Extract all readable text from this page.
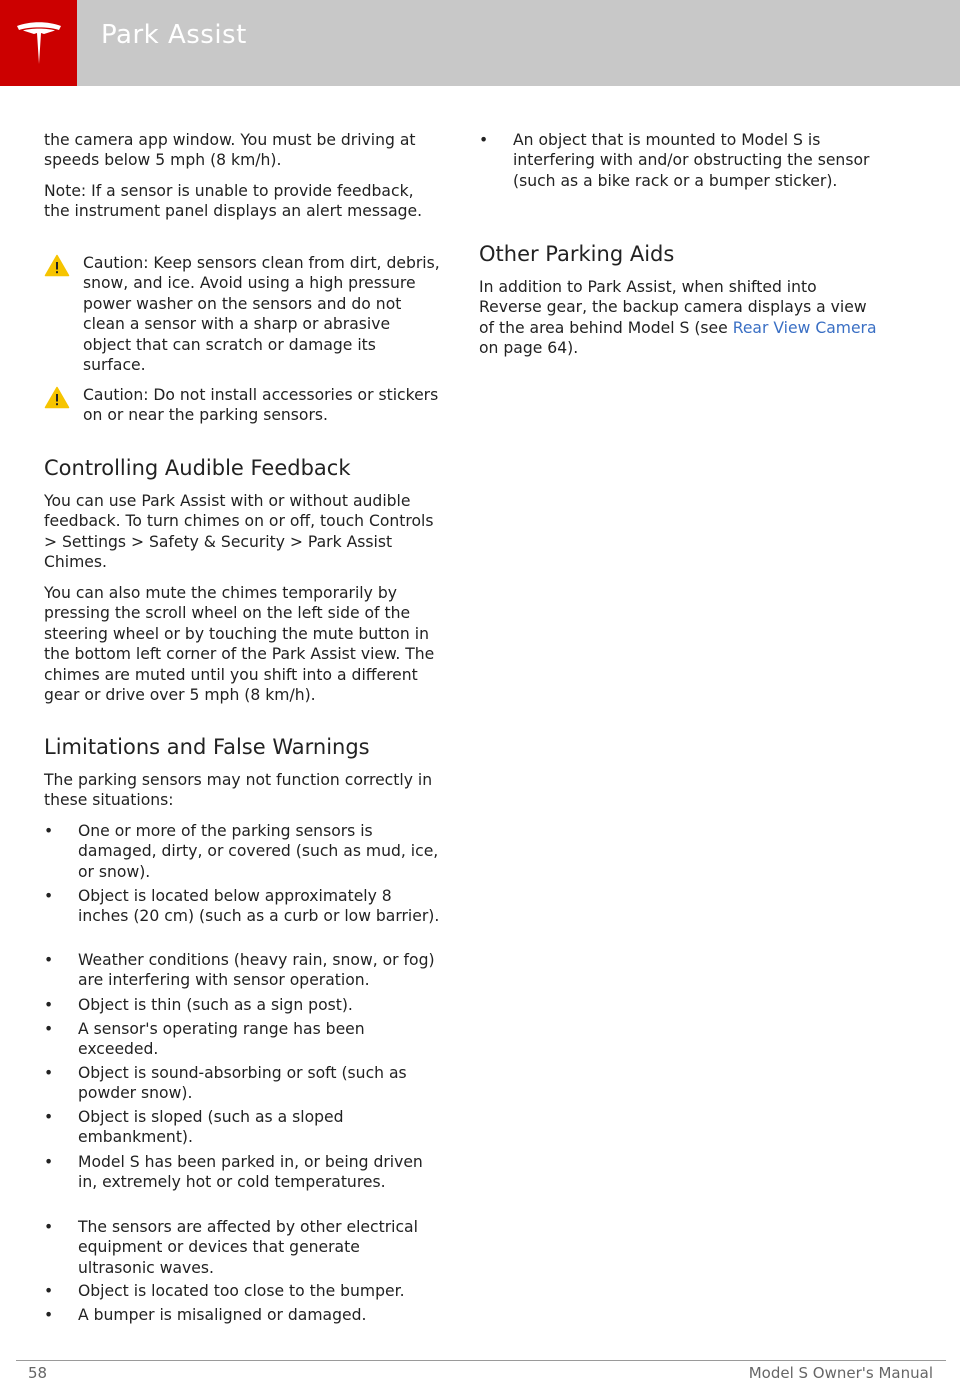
Park Assist

the camera app window. You must be driving at speeds below 5 mph (8 km/h).

Note: If a sensor is unable to provide feedback, the instrument panel displays an alert message.

Caution: Keep sensors clean from dirt, debris, snow, and ice. Avoid using a high pressure power washer on the sensors and do not clean a sensor with a sharp or abrasive object that can scratch or damage its surface.
Caution: Do not install accessories or stickers on or near the parking sensors.
Controlling Audible Feedback

You can use Park Assist with or without audible feedback. To turn chimes on or off, touch Controls > Settings > Safety & Security > Park Assist Chimes.

You can also mute the chimes temporarily by pressing the scroll wheel on the left side of the steering wheel or by touching the mute button in the bottom left corner of the Park Assist view. The chimes are muted until you shift into a different gear or drive over 5 mph (8 km/h).

Limitations and False Warnings

The parking sensors may not function correctly in these situations:

• One or more of the parking sensors is damaged, dirty, or covered (such as mud, ice, or snow).
• Object is located below approximately 8 inches (20 cm) (such as a curb or low barrier).
• Weather conditions (heavy rain, snow, or fog) are interfering with sensor operation.
• Object is thin (such as a sign post).
• A sensor's operating range has been exceeded.
• Object is sound-absorbing or soft (such as powder snow).
• Object is sloped (such as a sloped embankment).
• Model S has been parked in, or being driven in, extremely hot or cold temperatures.
• The sensors are affected by other electrical equipment or devices that generate ultrasonic waves.
• Object is located too close to the bumper.
• A bumper is misaligned or damaged.
• An object that is mounted to Model S is interfering with and/or obstructing the sensor (such as a bike rack or a bumper sticker).
Other Parking Aids

In addition to Park Assist, when shifted into Reverse gear, the backup camera displays a view of the area behind Model S (see Rear View Camera on page 64).

58	Model S Owner's Manual
